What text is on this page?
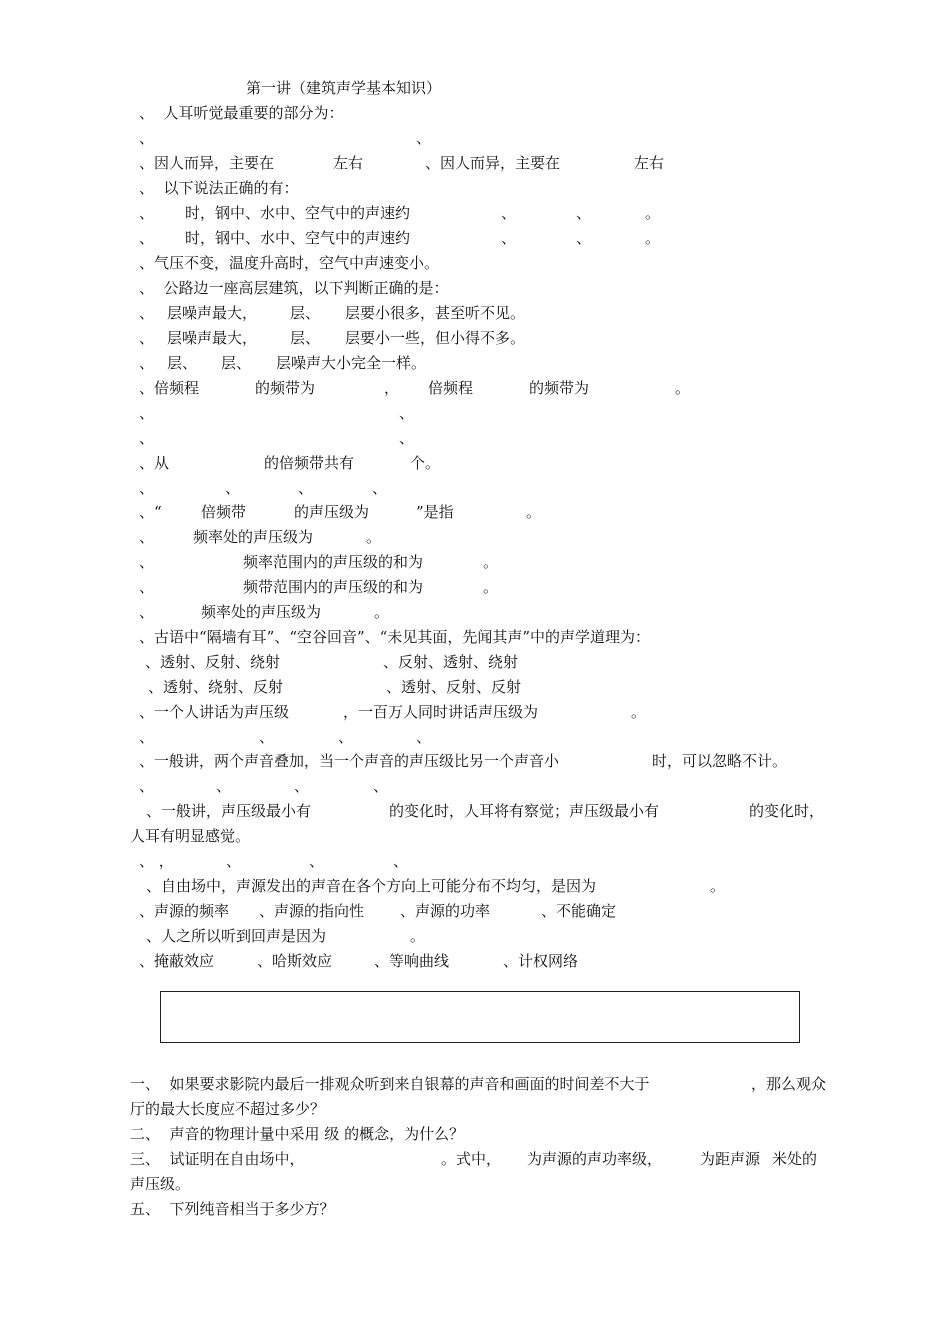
第一讲（建筑声学基本知识）
、  人耳听觉最重要的部分为：
、	、
、因人而异，主要在	左右	、因人而异，主要在	左右
、  以下说法正确的有：
、 时，钢中、水中、空气中的声速约	、	、	。
、 时，钢中、水中、空气中的声速约	、	、	。
、气压不变，温度升高时，空气中声速变小。
、  公路边一座高层建筑，以下判断正确的是：
、 层噪声最大， 层、 层要小很多，甚至听不见。
、 层噪声最大， 层、 层要小一些，但小得不多。
、 层、 层、 层噪声大小完全一样。
、倍频程	的频带为	， 倍频程	的频带为	。
、	、
、	、
、从	的倍频带共有	个。
、	、	、	、
、“	倍频带	的声压级为	”是指	。
、	频率处的声压级为	。
、	频率范围内的声压级的和为	。
、	频带范围内的声压级的和为	。
、	频率处的声压级为	。
、古语中“隔墙有耳”、“空谷回音”、“未见其面，先闻其声”中的声学道理为：
、透射、反射、绕射	、反射、透射、绕射
、透射、绕射、反射	、透射、反射、反射
、一个人讲话为声压级	，一百万人同时讲话声压级为	。
、	、	、	、
、一般讲，两个声音叠加，当一个声音的声压级比另一个声音小	时，可以忽略不计。
、	、	、	、
、一般讲，声压级最小有	的变化时，人耳将有察觉；声压级最小有	的变化时，
人耳有明显感觉。
、 ，	、	、	、
、自由场中，声源发出的声音在各个方向上可能分布不均匀，是因为	。
、声源的频率 、声源的指向性 、声源的功率	、不能确定
、人之所以听到回声是因为	。
、掩蔽效应	、哈斯效应	、等响曲线	、计权网络
一、  如果要求影院内最后一排观众听到来自银幕的声音和画面的时间差不大于	，那么观众
厅的最大长度应不超过多少？
二、  声音的物理计量中采用 级 的概念，为什么？
三、  试证明在自由场中，	。式中， 为声源的声功率级，	为距声源 米处的
声压级。
五、  下列纯音相当于多少方？
